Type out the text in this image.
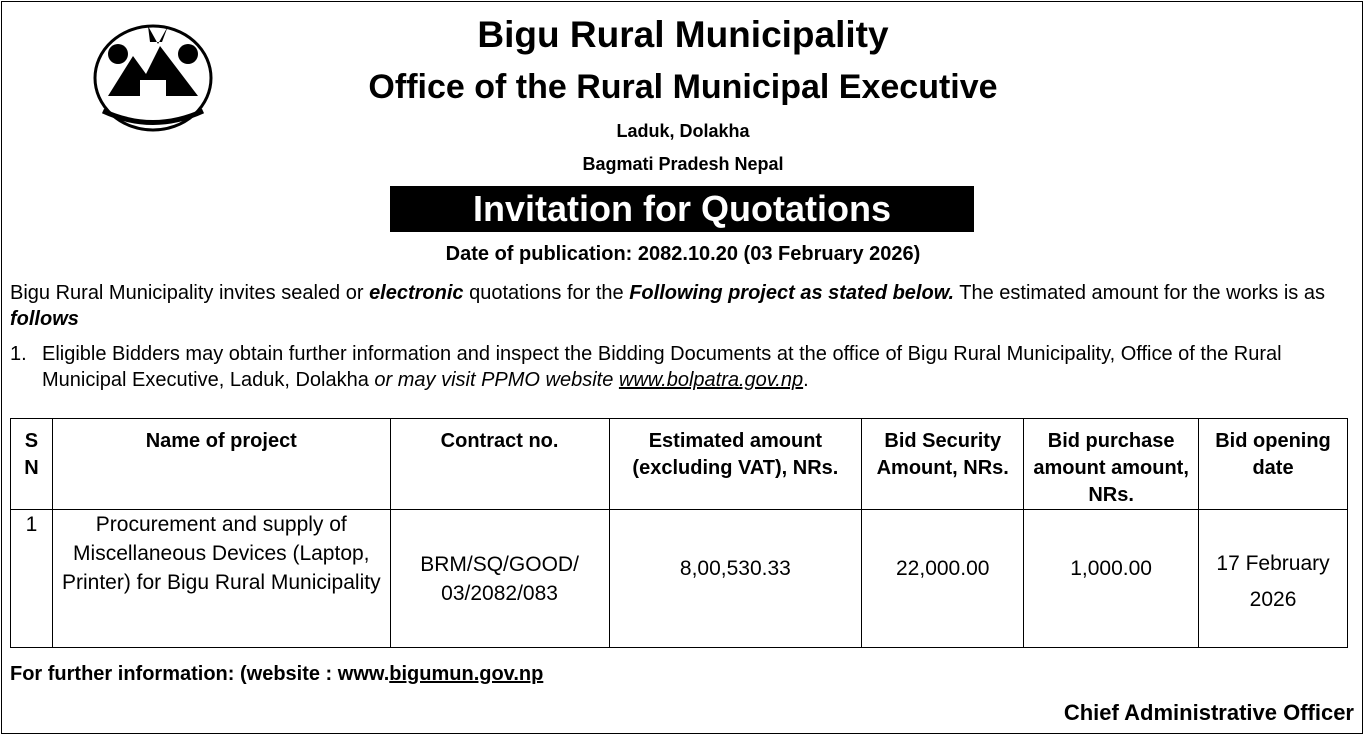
Bigu Rural Municipality
Office of the Rural Municipal Executive
Laduk, Dolakha
Bagmati Pradesh Nepal
Invitation for Quotations
Date of publication: 2082.10.20 (03 February 2026)
Bigu Rural Municipality invites sealed or electronic quotations for the Following project as stated below. The estimated amount for the works is as follows
1. Eligible Bidders may obtain further information and inspect the Bidding Documents at the office of Bigu Rural Municipality, Office of the Rural Municipal Executive, Laduk, Dolakha or may visit PPMO website www.bolpatra.gov.np.
S N	Name of project	Contract no.	Estimated amount (excluding VAT), NRs.	Bid Security Amount, NRs.	Bid purchase amount amount, NRs.	Bid opening date
1	Procurement and supply of Miscellaneous Devices (Laptop, Printer) for Bigu Rural Municipality	BRM/SQ/GOOD/ 03/2082/083	8,00,530.33	22,000.00	1,000.00	17 February 2026
For further information: (website : www.bigumun.gov.np
Chief Administrative Officer
